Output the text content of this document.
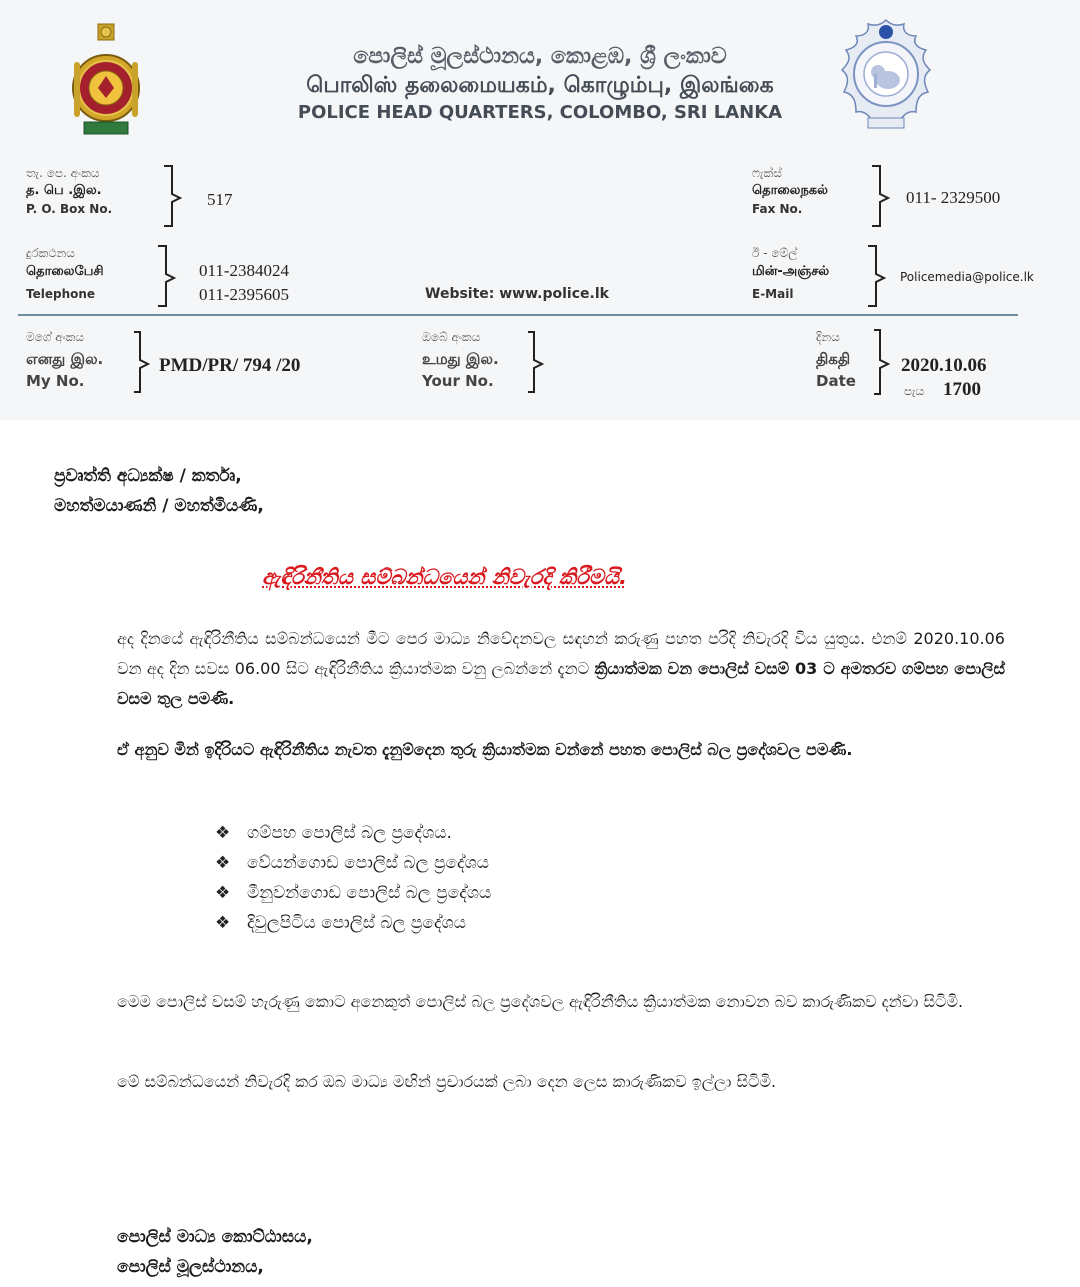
පොලිස් මූලස්ථානය, කොළඹ, ශ්‍රී ලංකාව
பொலிஸ் தலைமையகம், கொழும்பு, இலங்கை
POLICE HEAD QUARTERS, COLOMBO, SRI LANKA
තැ. පෙ. අංකය
த. பெ .இல.
P. O. Box No.	517
ෆැක්ස්
தொலைநகல்
Fax No.
011- 2329500
දුරකථනය
தொலைபேசி
Telephone
011-2384024
011-2395605	Website: www.police.lk
ඊ - මේල්
மின்-அஞ்சல்
E-Mail
Policemedia@police.lk
මගේ අංකය
எனது இல.
My No.
PMD/PR/ 794 /20
ඔබේ අංකය
உமது இல.
Your No.
දිනය
திகதி
Date
2020.10.06
පැය 1700
ප්‍රවෘත්ති අධ්‍යක්ෂ / කර්තෘ,
මහත්මයාණනි / මහත්මියණි,
ඇඳිරිනීතිය සම්බන්ධයෙන් නිවැරදි කිරීමයි.
අද දිනයේ ඇඳිරිනීතිය සම්බන්ධයෙන් මීට පෙර මාධ්‍ය නිවේදනවල සඳහන් කරුණු පහත පරිදි නිවැරදි විය යුතුය. එනම් 2020.10.06 වන අද දින සවස 06.00 සිට ඇඳිරිනීතිය ක්‍රියාත්මක වනු ලබන්නේ දැනට ක්‍රියාත්මක වන පොලිස් වසම් 03 ට අමතරව ගම්පහ පොලිස් වසම තුල පමණි.
ඒ අනුව මින් ඉදිරියට ඇඳිරිනීතිය නැවත දැනුම්දෙන තුරු ක්‍රියාත්මක වන්නේ පහත පොලිස් බල ප්‍රදේශවල පමණි.
❖ ගම්පහ පොලිස් බල ප්‍රදේශය.
❖ වේයන්ගොඩ පොලිස් බල ප්‍රදේශය
❖ මීනුවන්ගොඩ පොලිස් බල ප්‍රදේශය
❖ දිවුලපිටිය පොලිස් බල ප්‍රදේශය
මෙම පොලිස් වසම් හැරුණු කොට අනෙකුත් පොලිස් බල ප්‍රදේශවල ඇඳිරිනීතිය ක්‍රියාත්මක නොවන බව කාරුණිකව දන්වා සිටිමි.
මේ සම්බන්ධයෙන් නිවැරදි කර ඔබ මාධ්‍ය මඟින් ප්‍රචාරයක් ලබා දෙන ලෙස කාරුණිකව ඉල්ලා සිටිමි.
පොලිස් මාධ්‍ය කොට්ඨාසය,
පොලිස් මූලස්ථානය,
